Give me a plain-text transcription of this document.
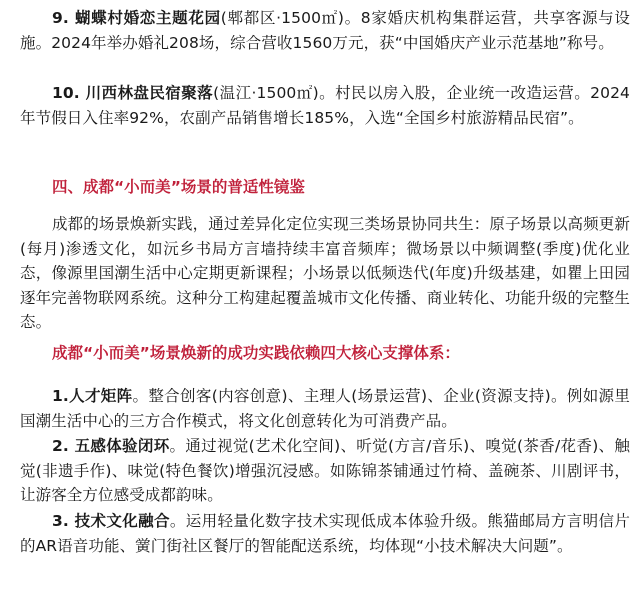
9. 蝴蝶村婚恋主题花园(郫都区·1500㎡)。8家婚庆机构集群运营，共享客源与设施。2024年举办婚礼208场，综合营收1560万元，获“中国婚庆产业示范基地”称号。

10. 川西林盘民宿聚落(温江·1500㎡)。村民以房入股，企业统一改造运营。2024年节假日入住率92%，农副产品销售增长185%，入选“全国乡村旅游精品民宿”。

四、成都“小而美”场景的普适性镜鉴

成都的场景焕新实践，通过差异化定位实现三类场景协同共生：原子场景以高频更新(每月)渗透文化，如沅乡书局方言墙持续丰富音频库；微场景以中频调整(季度)优化业态，像源里国潮生活中心定期更新课程；小场景以低频迭代(年度)升级基建，如瞿上田园逐年完善物联网系统。这种分工构建起覆盖城市文化传播、商业转化、功能升级的完整生态。

成都“小而美”场景焕新的成功实践依赖四大核心支撑体系：

1.人才矩阵。整合创客(内容创意)、主理人(场景运营)、企业(资源支持)。例如源里国潮生活中心的三方合作模式，将文化创意转化为可消费产品。

2. 五感体验闭环。通过视觉(艺术化空间)、听觉(方言/音乐)、嗅觉(茶香/花香)、触觉(非遗手作)、味觉(特色餐饮)增强沉浸感。如陈锦茶铺通过竹椅、盖碗茶、川剧评书，让游客全方位感受成都韵味。

3. 技术文化融合。运用轻量化数字技术实现低成本体验升级。熊猫邮局方言明信片的AR语音功能、黉门街社区餐厅的智能配送系统，均体现“小技术解决大问题”。
